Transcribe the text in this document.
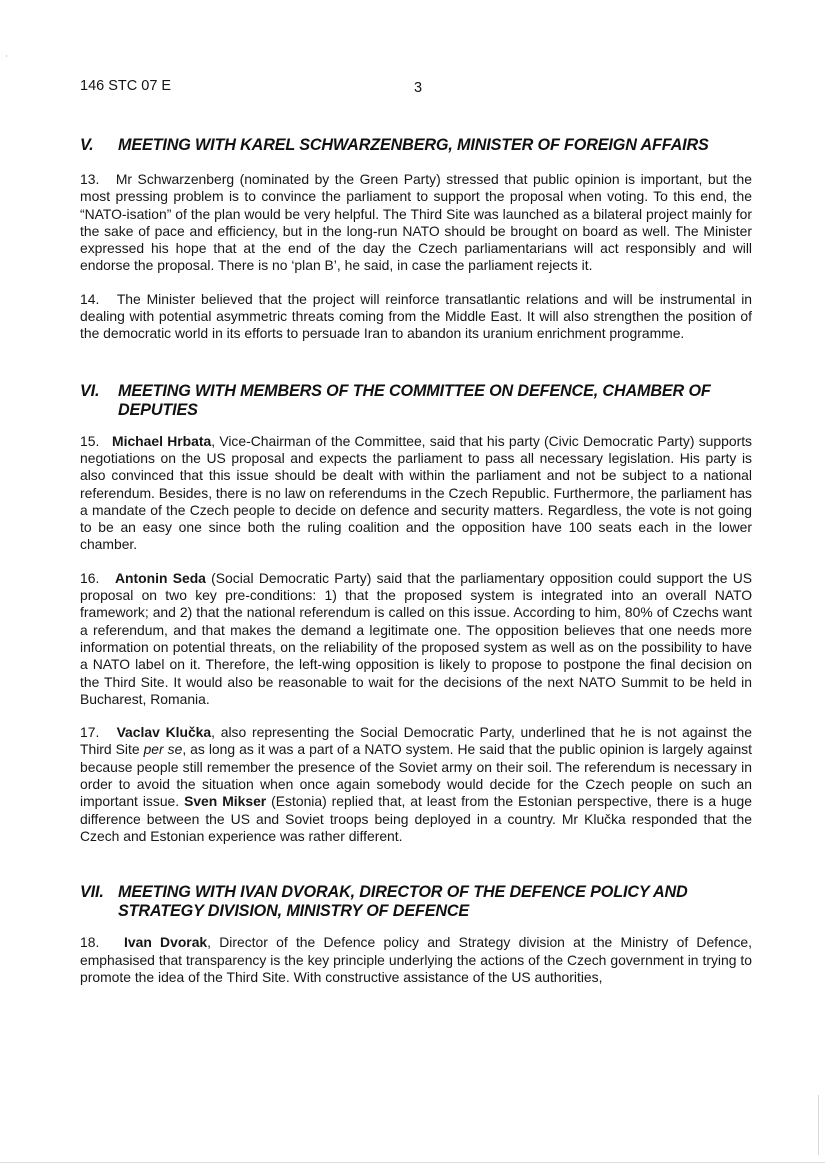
146 STC 07 E	3
V.	MEETING WITH KAREL SCHWARZENBERG, MINISTER OF FOREIGN AFFAIRS

13. Mr Schwarzenberg (nominated by the Green Party) stressed that public opinion is important, but the most pressing problem is to convince the parliament to support the proposal when voting. To this end, the “NATO-isation” of the plan would be very helpful. The Third Site was launched as a bilateral project mainly for the sake of pace and efficiency, but in the long-run NATO should be brought on board as well. The Minister expressed his hope that at the end of the day the Czech parliamentarians will act responsibly and will endorse the proposal. There is no ‘plan B’, he said, in case the parliament rejects it.

14. The Minister believed that the project will reinforce transatlantic relations and will be instrumental in dealing with potential asymmetric threats coming from the Middle East. It will also strengthen the position of the democratic world in its efforts to persuade Iran to abandon its uranium enrichment programme.

VI.	MEETING WITH MEMBERS OF THE COMMITTEE ON DEFENCE, CHAMBER OF
DEPUTIES

15. Michael Hrbata, Vice-Chairman of the Committee, said that his party (Civic Democratic Party) supports negotiations on the US proposal and expects the parliament to pass all necessary legislation. His party is also convinced that this issue should be dealt with within the parliament and not be subject to a national referendum. Besides, there is no law on referendums in the Czech Republic. Furthermore, the parliament has a mandate of the Czech people to decide on defence and security matters. Regardless, the vote is not going to be an easy one since both the ruling coalition and the opposition have 100 seats each in the lower chamber.

16. Antonin Seda (Social Democratic Party) said that the parliamentary opposition could support the US proposal on two key pre-conditions: 1) that the proposed system is integrated into an overall NATO framework; and 2) that the national referendum is called on this issue. According to him, 80% of Czechs want a referendum, and that makes the demand a legitimate one. The opposition believes that one needs more information on potential threats, on the reliability of the proposed system as well as on the possibility to have a NATO label on it. Therefore, the left-wing opposition is likely to propose to postpone the final decision on the Third Site. It would also be reasonable to wait for the decisions of the next NATO Summit to be held in Bucharest, Romania.

17. Vaclav Klučka, also representing the Social Democratic Party, underlined that he is not against the Third Site per se, as long as it was a part of a NATO system. He said that the public opinion is largely against because people still remember the presence of the Soviet army on their soil. The referendum is necessary in order to avoid the situation when once again somebody would decide for the Czech people on such an important issue. Sven Mikser (Estonia) replied that, at least from the Estonian perspective, there is a huge difference between the US and Soviet troops being deployed in a country. Mr Klučka responded that the Czech and Estonian experience was rather different.

VII. MEETING WITH IVAN DVORAK, DIRECTOR OF THE DEFENCE POLICY AND
STRATEGY DIVISION, MINISTRY OF DEFENCE

18. Ivan Dvorak, Director of the Defence policy and Strategy division at the Ministry of Defence, emphasised that transparency is the key principle underlying the actions of the Czech government in trying to promote the idea of the Third Site. With constructive assistance of the US authorities,
